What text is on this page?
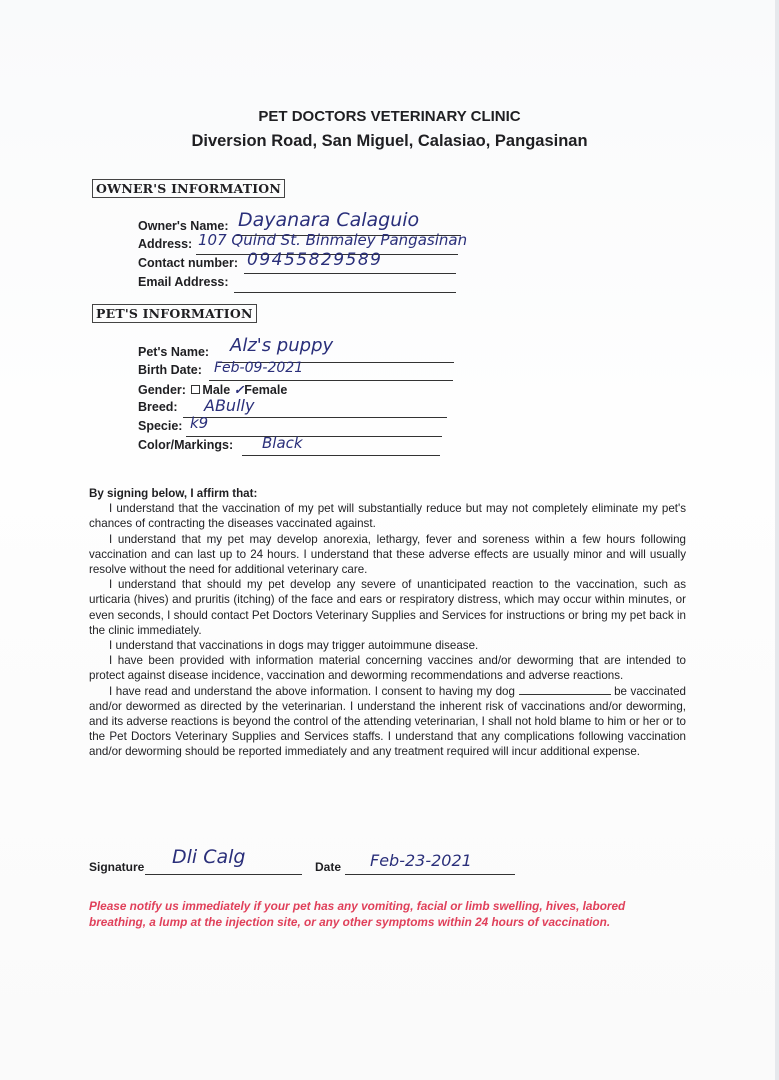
PET DOCTORS VETERINARY CLINIC
Diversion Road, San Miguel, Calasiao, Pangasinan
OWNER'S INFORMATION
Owner's Name: Dayanara Calaguio
Address: 107 Quind St. Binmaley Pangasinan
Contact number: 09455829589
Email Address:
PET'S INFORMATION
Pet's Name: Alz's puppy
Birth Date: Feb-09-2021
Gender: Male ✓Female
Breed: ABully
Specie: k9
Color/Markings: Black

By signing below, I affirm that:

I understand that the vaccination of my pet will substantially reduce but may not completely eliminate my pet's chances of contracting the diseases vaccinated against.

I understand that my pet may develop anorexia, lethargy, fever and soreness within a few hours following vaccination and can last up to 24 hours. I understand that these adverse effects are usually minor and will usually resolve without the need for additional veterinary care.

I understand that should my pet develop any severe of unanticipated reaction to the vaccination, such as urticaria (hives) and pruritis (itching) of the face and ears or respiratory distress, which may occur within minutes, or even seconds, I should contact Pet Doctors Veterinary Supplies and Services for instructions or bring my pet back in the clinic immediately.

I understand that vaccinations in dogs may trigger autoimmune disease.

I have been provided with information material concerning vaccines and/or deworming that are intended to protect against disease incidence, vaccination and deworming recommendations and adverse reactions.

I have read and understand the above information. I consent to having my dog	be vaccinated and/or dewormed as directed by the veterinarian. I understand the inherent risk of vaccinations and/or deworming, and its adverse reactions is beyond the control of the attending veterinarian, I shall not hold blame to him or her or to the Pet Doctors Veterinary Supplies and Services staffs. I understand that any complications following vaccination and/or deworming should be reported immediately and any treatment required will incur additional expense.

Signature Dli Calg	Date Feb-23-2021
Please notify us immediately if your pet has any vomiting, facial or limb swelling, hives, labored breathing, a lump at the injection site, or any other symptoms within 24 hours of vaccination.
